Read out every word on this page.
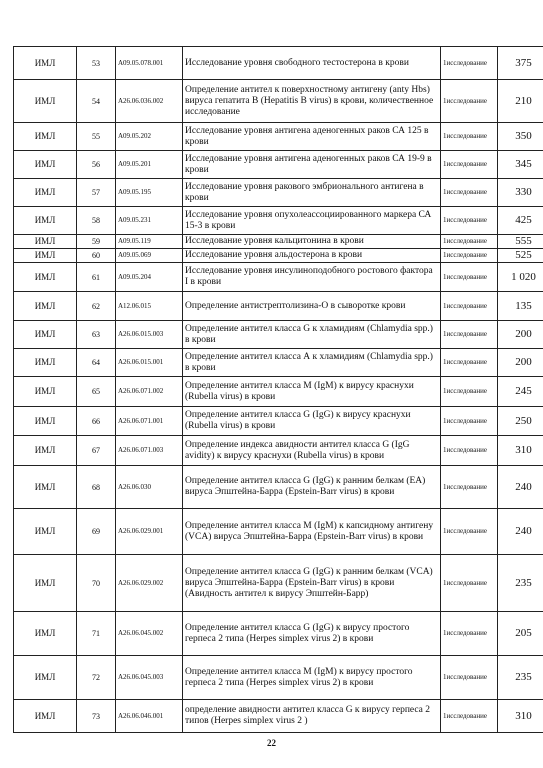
ИМЛ	53	A09.05.078.001	Исследование уровня свободного тестостерона в крови	1исследование	375
ИМЛ	54	A26.06.036.002	Определение антител к поверхностному антигену (anty Hbs) вируса гепатита В (Hepatitis B virus) в крови, количественное исследование	1исследование	210
ИМЛ	55	A09.05.202	Исследование уровня антигена аденогенных раков СА 125 в крови	1исследование	350
ИМЛ	56	A09.05.201	Исследование уровня антигена аденогенных раков СА 19-9 в крови	1исследование	345
ИМЛ	57	A09.05.195	Исследование уровня ракового эмбрионального антигена в крови	1исследование	330
ИМЛ	58	A09.05.231	Исследование уровня опухолеассоциированного маркера СА 15-3 в крови	1исследование	425
ИМЛ	59	A09.05.119	Исследование уровня кальцитонина в крови	1исследование	555
ИМЛ	60	A09.05.069	Исследование уровня альдостерона в крови	1исследование	525
ИМЛ	61	A09.05.204	Исследование уровня инсулиноподобного ростового фактора I в крови	1исследование	1 020
ИМЛ	62	A12.06.015	Определение антистрептолизина-О в сыворотке крови	1исследование	135
ИМЛ	63	A26.06.015.003	Определение антител класса G к хламидиям (Chlamydia spp.) в крови	1исследование	200
ИМЛ	64	A26.06.015.001	Определение антител класса А к хламидиям (Chlamydia spp.) в крови	1исследование	200
ИМЛ	65	A26.06.071.002	Определение антител класса M (IgM) к вирусу краснухи (Rubella virus) в крови	1исследование	245
ИМЛ	66	A26.06.071.001	Определение антител класса G (IgG) к вирусу краснухи (Rubella virus) в крови	1исследование	250
ИМЛ	67	A26.06.071.003	Определение индекса авидности антител класса G (IgG avidity) к вирусу краснухи (Rubella virus) в крови	1исследование	310
ИМЛ	68	A26.06.030	Определение антител класса G (IgG) к ранним белкам (ЕА) вируса Эпштейна-Барра (Epstein-Barr virus) в крови	1исследование	240
ИМЛ	69	A26.06.029.001	Определение антител класса M (IgM) к капсидному антигену (VCA) вируса Эпштейна-Барра (Epstein-Barr virus) в крови	1исследование	240
ИМЛ	70	A26.06.029.002	Определение антител класса G (IgG) к ранним белкам (VCA) вируса Эпштейна-Барра (Epstein-Barr virus) в крови (Авидность антител к вирусу Эпштейн-Барр)	1исследование	235
ИМЛ	71	A26.06.045.002	Определение антител класса G (IgG) к вирусу простого герпеса 2 типа (Herpes simplex virus 2) в крови	1исследование	205
ИМЛ	72	A26.06.045.003	Определение антител класса M (IgM) к вирусу простого герпеса 2 типа (Herpes simplex virus 2) в крови	1исследование	235
ИМЛ	73	A26.06.046.001	определение авидности антител класса G к вирусу герпеса 2 типов (Herpes simplex virus 2 )	1исследование	310
22
